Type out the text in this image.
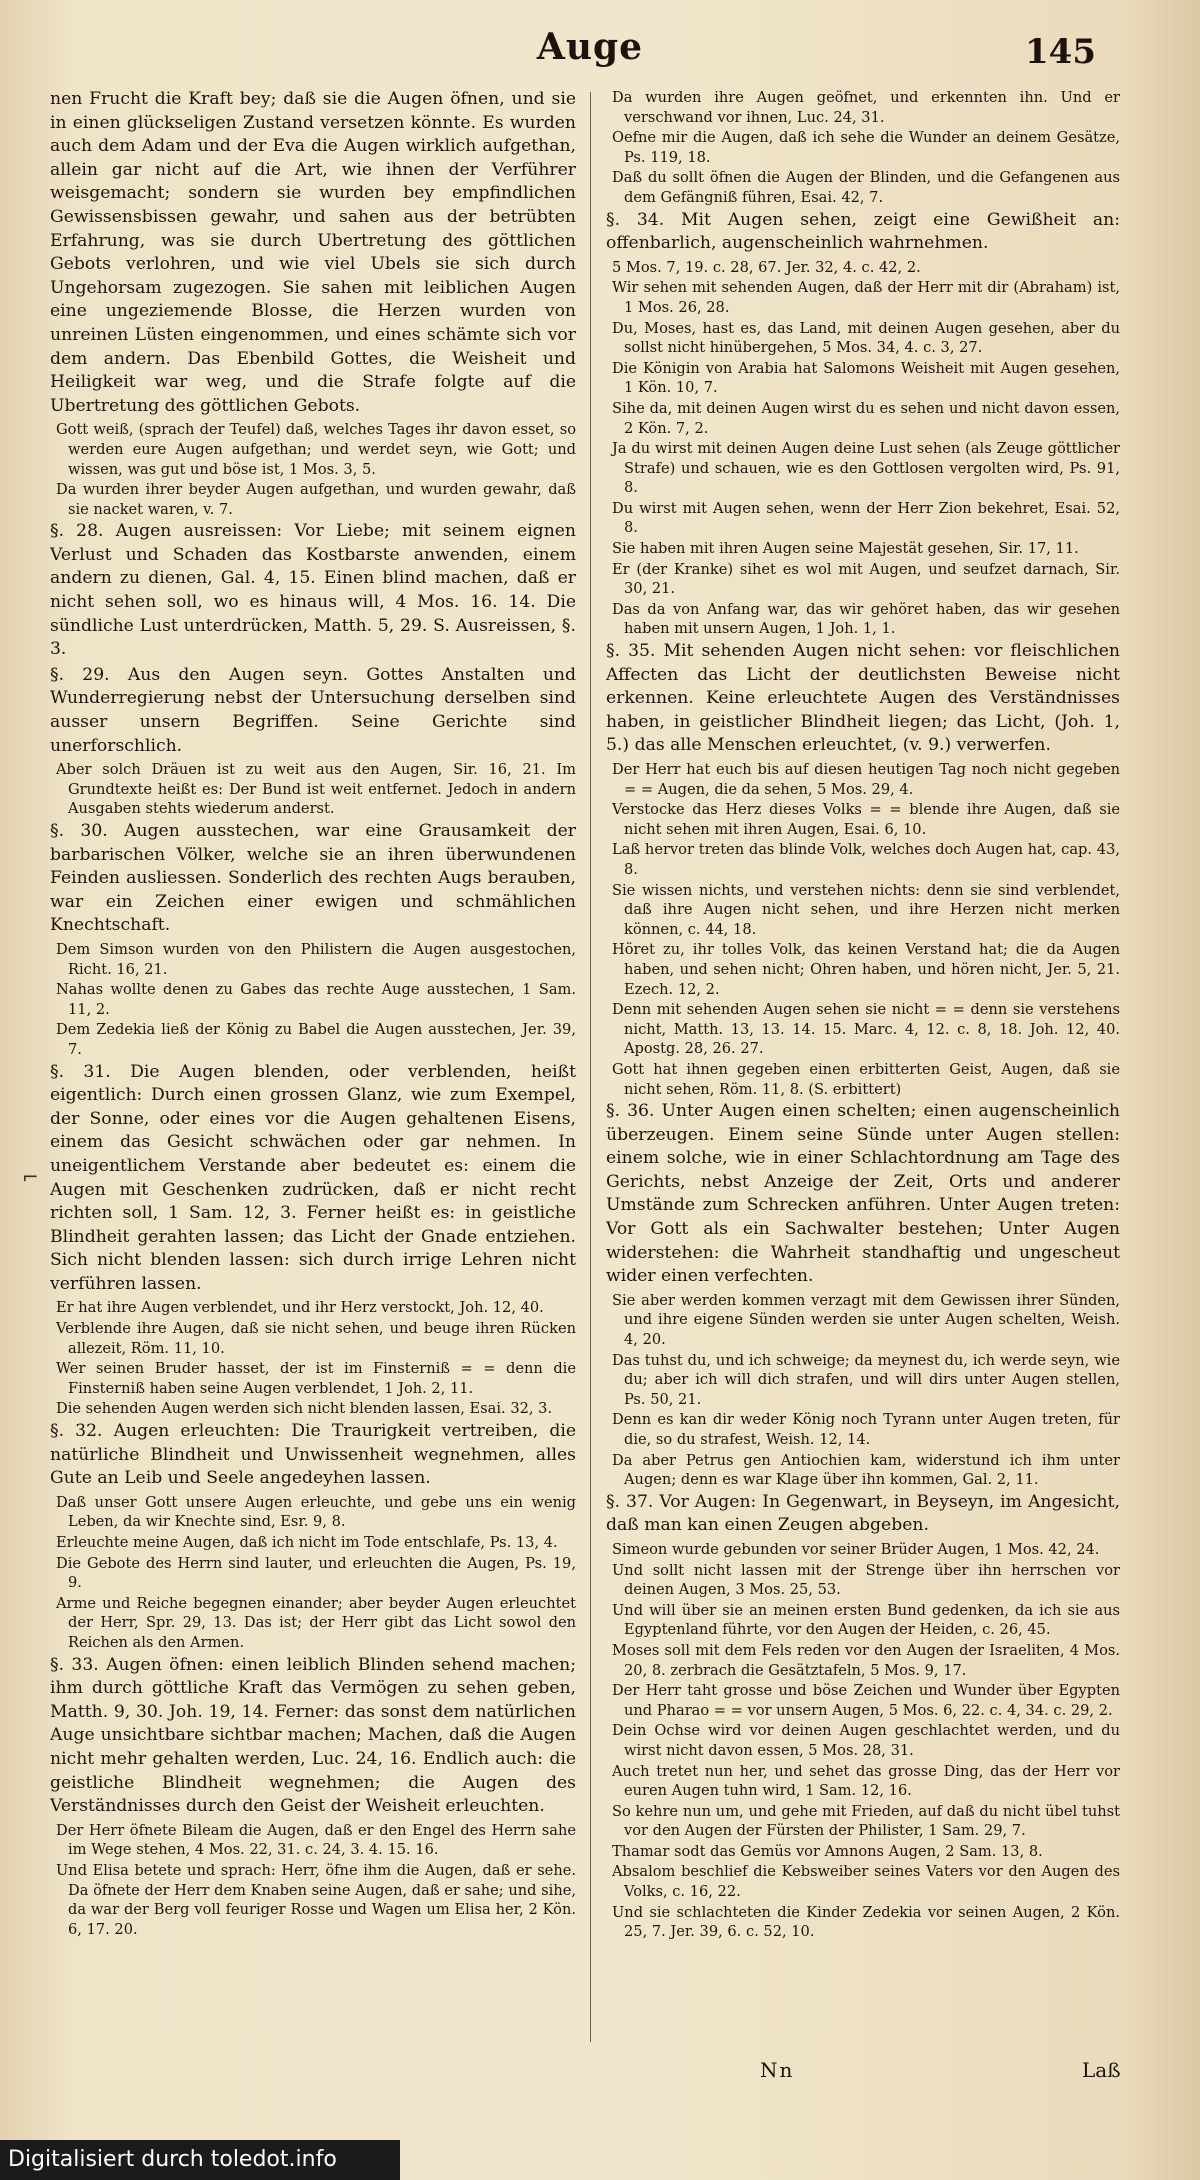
Auge	145

nen Frucht die Kraft bey; daß sie die Augen öfnen, und sie in einen glückseligen Zustand versetzen könnte. Es wurden auch dem Adam und der Eva die Augen wirklich aufgethan, allein gar nicht auf die Art, wie ihnen der Verführer weisgemacht; sondern sie wurden bey empfindlichen Gewissensbissen gewahr, und sahen aus der betrübten Erfahrung, was sie durch Ubertretung des göttlichen Gebots verlohren, und wie viel Ubels sie sich durch Ungehorsam zugezogen. Sie sahen mit leiblichen Augen eine ungeziemende Blosse, die Herzen wurden von unreinen Lüsten eingenommen, und eines schämte sich vor dem andern. Das Ebenbild Gottes, die Weisheit und Heiligkeit war weg, und die Strafe folgte auf die Ubertretung des göttlichen Gebots.

Gott weiß, (sprach der Teufel) daß, welches Tages ihr davon esset, so werden eure Augen aufgethan; und werdet seyn, wie Gott; und wissen, was gut und böse ist, 1 Mos. 3, 5.

Da wurden ihrer beyder Augen aufgethan, und wurden gewahr, daß sie nacket waren, v. 7.

§. 28. Augen ausreissen: Vor Liebe; mit seinem eignen Verlust und Schaden das Kostbarste anwenden, einem andern zu dienen, Gal. 4, 15. Einen blind machen, daß er nicht sehen soll, wo es hinaus will, 4 Mos. 16. 14. Die sündliche Lust unterdrücken, Matth. 5, 29. S. Ausreissen, §. 3.

§. 29. Aus den Augen seyn. Gottes Anstalten und Wunderregierung nebst der Untersuchung derselben sind ausser unsern Begriffen. Seine Gerichte sind unerforschlich.

Aber solch Dräuen ist zu weit aus den Augen, Sir. 16, 21. Im Grundtexte heißt es: Der Bund ist weit entfernet. Jedoch in andern Ausgaben stehts wiederum anderst.

§. 30. Augen ausstechen, war eine Grausamkeit der barbarischen Völker, welche sie an ihren überwundenen Feinden ausliessen. Sonderlich des rechten Augs berauben, war ein Zeichen einer ewigen und schmählichen Knechtschaft.

Dem Simson wurden von den Philistern die Augen ausgestochen, Richt. 16, 21.

Nahas wollte denen zu Gabes das rechte Auge ausstechen, 1 Sam. 11, 2.

Dem Zedekia ließ der König zu Babel die Augen ausstechen, Jer. 39, 7.

§. 31. Die Augen blenden, oder verblenden, heißt eigentlich: Durch einen grossen Glanz, wie zum Exempel, der Sonne, oder eines vor die Augen gehaltenen Eisens, einem das Gesicht schwächen oder gar nehmen. In uneigentlichem Verstande aber bedeutet es: einem die Augen mit Geschenken zudrücken, daß er nicht recht richten soll, 1 Sam. 12, 3. Ferner heißt es: in geistliche Blindheit gerahten lassen; das Licht der Gnade entziehen. Sich nicht blenden lassen: sich durch irrige Lehren nicht verführen lassen.

Er hat ihre Augen verblendet, und ihr Herz verstockt, Joh. 12, 40.

Verblende ihre Augen, daß sie nicht sehen, und beuge ihren Rücken allezeit, Röm. 11, 10.

Wer seinen Bruder hasset, der ist im Finsterniß = = denn die Finsterniß haben seine Augen verblendet, 1 Joh. 2, 11.

Die sehenden Augen werden sich nicht blenden lassen, Esai. 32, 3.

§. 32. Augen erleuchten: Die Traurigkeit vertreiben, die natürliche Blindheit und Unwissenheit wegnehmen, alles Gute an Leib und Seele angedeyhen lassen.

Daß unser Gott unsere Augen erleuchte, und gebe uns ein wenig Leben, da wir Knechte sind, Esr. 9, 8.

Erleuchte meine Augen, daß ich nicht im Tode entschlafe, Ps. 13, 4.

Die Gebote des Herrn sind lauter, und erleuchten die Augen, Ps. 19, 9.

Arme und Reiche begegnen einander; aber beyder Augen erleuchtet der Herr, Spr. 29, 13. Das ist; der Herr gibt das Licht sowol den Reichen als den Armen.

§. 33. Augen öfnen: einen leiblich Blinden sehend machen; ihm durch göttliche Kraft das Vermögen zu sehen geben, Matth. 9, 30. Joh. 19, 14. Ferner: das sonst dem natürlichen Auge unsichtbare sichtbar machen; Machen, daß die Augen nicht mehr gehalten werden, Luc. 24, 16. Endlich auch: die geistliche Blindheit wegnehmen; die Augen des Verständnisses durch den Geist der Weisheit erleuchten.

Der Herr öfnete Bileam die Augen, daß er den Engel des Herrn sahe im Wege stehen, 4 Mos. 22, 31. c. 24, 3. 4. 15. 16.

Und Elisa betete und sprach: Herr, öfne ihm die Augen, daß er sehe. Da öfnete der Herr dem Knaben seine Augen, daß er sahe; und sihe, da war der Berg voll feuriger Rosse und Wagen um Elisa her, 2 Kön. 6, 17. 20.

Da wurden ihre Augen geöfnet, und erkennten ihn. Und er verschwand vor ihnen, Luc. 24, 31.

Oefne mir die Augen, daß ich sehe die Wunder an deinem Gesätze, Ps. 119, 18.

Daß du sollt öfnen die Augen der Blinden, und die Gefangenen aus dem Gefängniß führen, Esai. 42, 7.

§. 34. Mit Augen sehen, zeigt eine Gewißheit an: offenbarlich, augenscheinlich wahrnehmen.

5 Mos. 7, 19. c. 28, 67. Jer. 32, 4. c. 42, 2.

Wir sehen mit sehenden Augen, daß der Herr mit dir (Abraham) ist, 1 Mos. 26, 28.

Du, Moses, hast es, das Land, mit deinen Augen gesehen, aber du sollst nicht hinübergehen, 5 Mos. 34, 4. c. 3, 27.

Die Königin von Arabia hat Salomons Weisheit mit Augen gesehen, 1 Kön. 10, 7.

Sihe da, mit deinen Augen wirst du es sehen und nicht davon essen, 2 Kön. 7, 2.

Ja du wirst mit deinen Augen deine Lust sehen (als Zeuge göttlicher Strafe) und schauen, wie es den Gottlosen vergolten wird, Ps. 91, 8.

Du wirst mit Augen sehen, wenn der Herr Zion bekehret, Esai. 52, 8.

Sie haben mit ihren Augen seine Majestät gesehen, Sir. 17, 11.

Er (der Kranke) sihet es wol mit Augen, und seufzet darnach, Sir. 30, 21.

Das da von Anfang war, das wir gehöret haben, das wir gesehen haben mit unsern Augen, 1 Joh. 1, 1.

§. 35. Mit sehenden Augen nicht sehen: vor fleischlichen Affecten das Licht der deutlichsten Beweise nicht erkennen. Keine erleuchtete Augen des Verständnisses haben, in geistlicher Blindheit liegen; das Licht, (Joh. 1, 5.) das alle Menschen erleuchtet, (v. 9.) verwerfen.

Der Herr hat euch bis auf diesen heutigen Tag noch nicht gegeben = = Augen, die da sehen, 5 Mos. 29, 4.

Verstocke das Herz dieses Volks = = blende ihre Augen, daß sie nicht sehen mit ihren Augen, Esai. 6, 10.

Laß hervor treten das blinde Volk, welches doch Augen hat, cap. 43, 8.

Sie wissen nichts, und verstehen nichts: denn sie sind verblendet, daß ihre Augen nicht sehen, und ihre Herzen nicht merken können, c. 44, 18.

Höret zu, ihr tolles Volk, das keinen Verstand hat; die da Augen haben, und sehen nicht; Ohren haben, und hören nicht, Jer. 5, 21. Ezech. 12, 2.

Denn mit sehenden Augen sehen sie nicht = = denn sie verstehens nicht, Matth. 13, 13. 14. 15. Marc. 4, 12. c. 8, 18. Joh. 12, 40. Apostg. 28, 26. 27.

Gott hat ihnen gegeben einen erbitterten Geist, Augen, daß sie nicht sehen, Röm. 11, 8. (S. erbittert)

§. 36. Unter Augen einen schelten; einen augenscheinlich überzeugen. Einem seine Sünde unter Augen stellen: einem solche, wie in einer Schlachtordnung am Tage des Gerichts, nebst Anzeige der Zeit, Orts und anderer Umstände zum Schrecken anführen. Unter Augen treten: Vor Gott als ein Sachwalter bestehen; Unter Augen widerstehen: die Wahrheit standhaftig und ungescheut wider einen verfechten.

Sie aber werden kommen verzagt mit dem Gewissen ihrer Sünden, und ihre eigene Sünden werden sie unter Augen schelten, Weish. 4, 20.

Das tuhst du, und ich schweige; da meynest du, ich werde seyn, wie du; aber ich will dich strafen, und will dirs unter Augen stellen, Ps. 50, 21.

Denn es kan dir weder König noch Tyrann unter Augen treten, für die, so du strafest, Weish. 12, 14.

Da aber Petrus gen Antiochien kam, widerstund ich ihm unter Augen; denn es war Klage über ihn kommen, Gal. 2, 11.

§. 37. Vor Augen: In Gegenwart, in Beyseyn, im Angesicht, daß man kan einen Zeugen abgeben.

Simeon wurde gebunden vor seiner Brüder Augen, 1 Mos. 42, 24.

Und sollt nicht lassen mit der Strenge über ihn herrschen vor deinen Augen, 3 Mos. 25, 53.

Und will über sie an meinen ersten Bund gedenken, da ich sie aus Egyptenland führte, vor den Augen der Heiden, c. 26, 45.

Moses soll mit dem Fels reden vor den Augen der Israeliten, 4 Mos. 20, 8. zerbrach die Gesätztafeln, 5 Mos. 9, 17.

Der Herr taht grosse und böse Zeichen und Wunder über Egypten und Pharao = = vor unsern Augen, 5 Mos. 6, 22. c. 4, 34. c. 29, 2.

Dein Ochse wird vor deinen Augen geschlachtet werden, und du wirst nicht davon essen, 5 Mos. 28, 31.

Auch tretet nun her, und sehet das grosse Ding, das der Herr vor euren Augen tuhn wird, 1 Sam. 12, 16.

So kehre nun um, und gehe mit Frieden, auf daß du nicht übel tuhst vor den Augen der Fürsten der Philister, 1 Sam. 29, 7.

Thamar sodt das Gemüs vor Amnons Augen, 2 Sam. 13, 8.

Absalom beschlief die Kebsweiber seines Vaters vor den Augen des Volks, c. 16, 22.

Und sie schlachteten die Kinder Zedekia vor seinen Augen, 2 Kön. 25, 7. Jer. 39, 6. c. 52, 10.

⌐
Nn	Laß
Digitalisiert durch toledot.info
